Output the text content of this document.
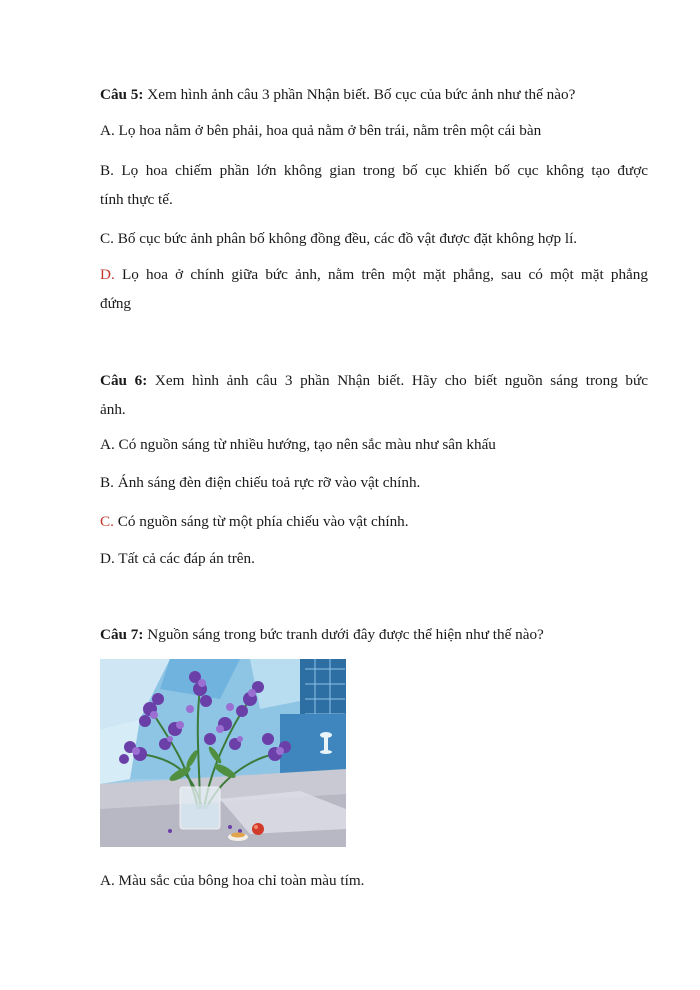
Câu 5: Xem hình ảnh câu 3 phần Nhận biết. Bố cục của bức ảnh như thế nào?

A. Lọ hoa nằm ở bên phải, hoa quả nằm ở bên trái, nằm trên một cái bàn

B. Lọ hoa chiếm phần lớn không gian trong bố cục khiến bố cục không tạo được

tính thực tế.

C. Bố cục bức ảnh phân bố không đồng đều, các đồ vật được đặt không hợp lí.

D. Lọ hoa ở chính giữa bức ảnh, nằm trên một mặt phẳng, sau có một mặt phẳng

đứng

Câu 6: Xem hình ảnh câu 3 phần Nhận biết. Hãy cho biết nguồn sáng trong bức

ảnh.

A. Có nguồn sáng từ nhiều hướng, tạo nên sắc màu như sân khấu

B. Ánh sáng đèn điện chiếu toả rực rỡ vào vật chính.

C. Có nguồn sáng từ một phía chiếu vào vật chính.

D. Tất cả các đáp án trên.

Câu 7: Nguồn sáng trong bức tranh dưới đây được thể hiện như thế nào?

A. Màu sắc của bông hoa chỉ toàn màu tím.
